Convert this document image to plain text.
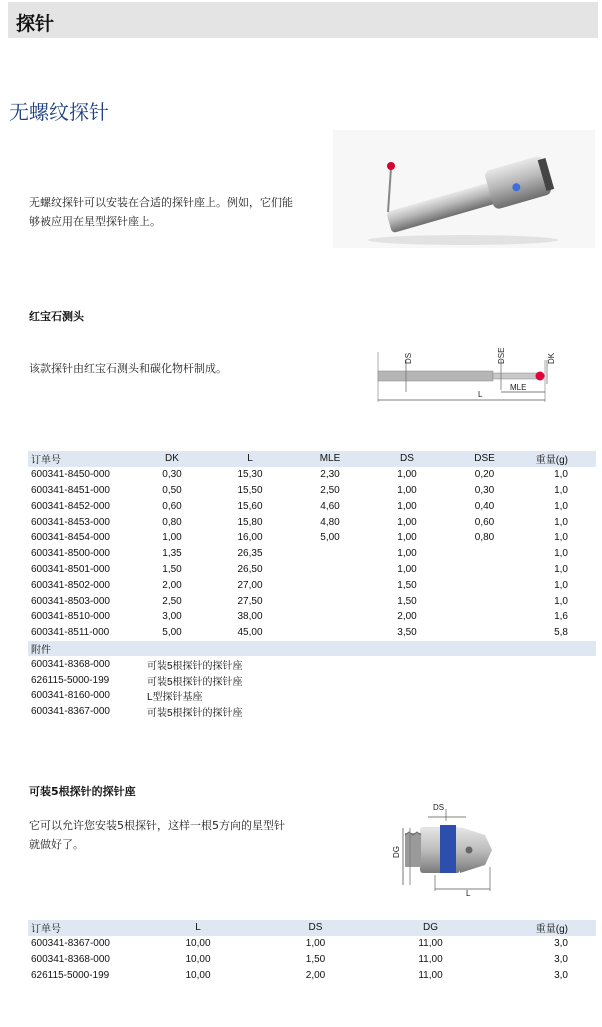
探针
无螺纹探针
无螺纹探针可以安装在合适的探针座上。例如，它们能
够被应用在星型探针座上。
红宝石测头
该款探针由红宝石测头和碳化物杆制成。
DS	DSE	DK
MLE
L
订单号	DK	L	MLE	DS	DSE	重量(g)
600341-8450-000	0,30	15,30	2,30	1,00	0,20	1,0
600341-8451-000	0,50	15,50	2,50	1,00	0,30	1,0
600341-8452-000	0,60	15,60	4,60	1,00	0,40	1,0
600341-8453-000	0,80	15,80	4,80	1,00	0,60	1,0
600341-8454-000	1,00	16,00	5,00	1,00	0,80	1,0
600341-8500-000	1,35	26,35		1,00		1,0
600341-8501-000	1,50	26,50		1,00		1,0
600341-8502-000	2,00	27,00		1,50		1,0
600341-8503-000	2,50	27,50		1,50		1,0
600341-8510-000	3,00	38,00		2,00		1,6
600341-8511-000	5,00	45,00		3,50		5,8
附件						
600341-8368-000	可装5根探针的探针座					
626115-5000-199	可装5根探针的探针座					
600341-8160-000	L型探针基座					
600341-8367-000	可装5根探针的探针座					
可装5根探针的探针座
它可以允许您安装5根探针，这样一根5方向的星型针
就做好了。
DS
DG
L
订单号	L	DS	DG	重量(g)
600341-8367-000	10,00	1,00	11,00	3,0
600341-8368-000	10,00	1,50	11,00	3,0
626115-5000-199	10,00	2,00	11,00	3,0
